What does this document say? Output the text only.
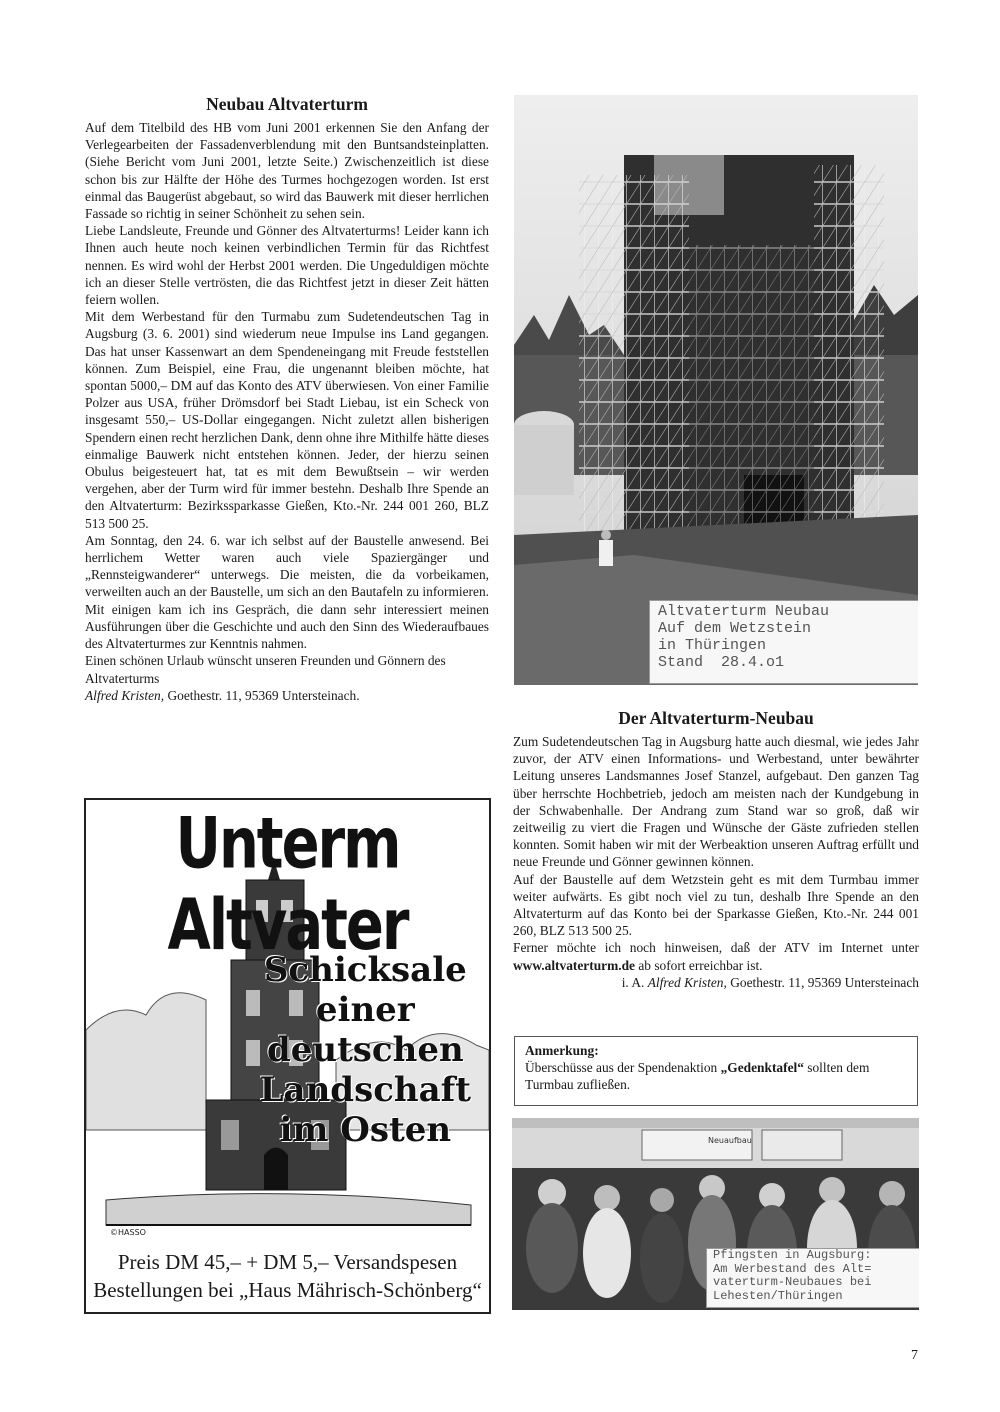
Neubau Altvaterturm

Auf dem Titelbild des HB vom Juni 2001 erkennen Sie den Anfang der Verlegearbeiten der Fassadenverblendung mit den Buntsandsteinplatten. (Siehe Bericht vom Juni 2001, letzte Seite.) Zwischenzeitlich ist diese schon bis zur Hälfte der Höhe des Turmes hochgezogen worden. Ist erst einmal das Baugerüst abgebaut, so wird das Bauwerk mit dieser herrlichen Fassade so richtig in seiner Schönheit zu sehen sein.

Liebe Landsleute, Freunde und Gönner des Altvaterturms! Leider kann ich Ihnen auch heute noch keinen verbindlichen Termin für das Richtfest nennen. Es wird wohl der Herbst 2001 werden. Die Ungeduldigen möchte ich an dieser Stelle vertrösten, die das Richtfest jetzt in dieser Zeit hätten feiern wollen.

Mit dem Werbestand für den Turmabu zum Sudetendeutschen Tag in Augsburg (3. 6. 2001) sind wiederum neue Impulse ins Land gegangen. Das hat unser Kassenwart an dem Spendeneingang mit Freude feststellen können. Zum Beispiel, eine Frau, die ungenannt bleiben möchte, hat spontan 5000,– DM auf das Konto des ATV überwiesen. Von einer Familie Polzer aus USA, früher Drömsdorf bei Stadt Liebau, ist ein Scheck von insgesamt 550,– US-Dollar eingegangen. Nicht zuletzt allen bisherigen Spendern einen recht herzlichen Dank, denn ohne ihre Mithilfe hätte dieses einmalige Bauwerk nicht entstehen können. Jeder, der hierzu seinen Obulus beigesteuert hat, tat es mit dem Bewußtsein – wir werden vergehen, aber der Turm wird für immer bestehn. Deshalb Ihre Spende an den Altvaterturm: Bezirkssparkasse Gießen, Kto.-Nr. 244 001 260, BLZ 513 500 25.

Am Sonntag, den 24. 6. war ich selbst auf der Baustelle anwesend. Bei herrlichem Wetter waren auch viele Spaziergänger und „Rennsteigwanderer“ unterwegs. Die meisten, die da vorbeikamen, verweilten auch an der Baustelle, um sich an den Bautafeln zu informieren. Mit einigen kam ich ins Gespräch, die dann sehr interessiert meinen Ausführungen über die Geschichte und auch den Sinn des Wiederaufbaues des Altvaterturmes zur Kenntnis nahmen.

Einen schönen Urlaub wünscht unseren Freunden und Gönnern des Altvaterturms

Alfred Kristen, Goethestr. 11, 95369 Untersteinach.

Altvaterturm Neubau
Auf dem Wetzstein
in Thüringen
Stand  28.4.o1
Der Altvaterturm-Neubau

Zum Sudetendeutschen Tag in Augsburg hatte auch diesmal, wie jedes Jahr zuvor, der ATV einen Informations- und Werbestand, unter bewährter Leitung unseres Landsmannes Josef Stanzel, aufgebaut. Den ganzen Tag über herrschte Hochbetrieb, jedoch am meisten nach der Kundgebung in der Schwabenhalle. Der Andrang zum Stand war so groß, daß wir zeitweilig zu viert die Fragen und Wünsche der Gäste zufrieden stellen konnten. Somit haben wir mit der Werbeaktion unseren Auftrag erfüllt und neue Freunde und Gönner gewinnen können.

Auf der Baustelle auf dem Wetzstein geht es mit dem Turmbau immer weiter aufwärts. Es gibt noch viel zu tun, deshalb Ihre Spende an den Altvaterturm auf das Konto bei der Sparkasse Gießen, Kto.-Nr. 244 001 260, BLZ 513 500 25.

Ferner möchte ich noch hinweisen, daß der ATV im Internet unter www.altvaterturm.de ab sofort erreichbar ist.

i. A. Alfred Kristen, Goethestr. 11, 95369 Untersteinach

Anmerkung:
Überschüsse aus der Spendenaktion „Gedenktafel“ sollten dem Turmbau zufließen.
Unterm Altvater
Schicksale
einer
deutschen
Landschaft
im Osten
©HASSO
Preis DM 45,– + DM 5,– Versandspesen
Bestellungen bei „Haus Mährisch-Schönberg“
Neuaufbau
Pfingsten in Augsburg:
Am Werbestand des Alt=
vaterturm-Neubaues bei
Lehesten/Thüringen
7
